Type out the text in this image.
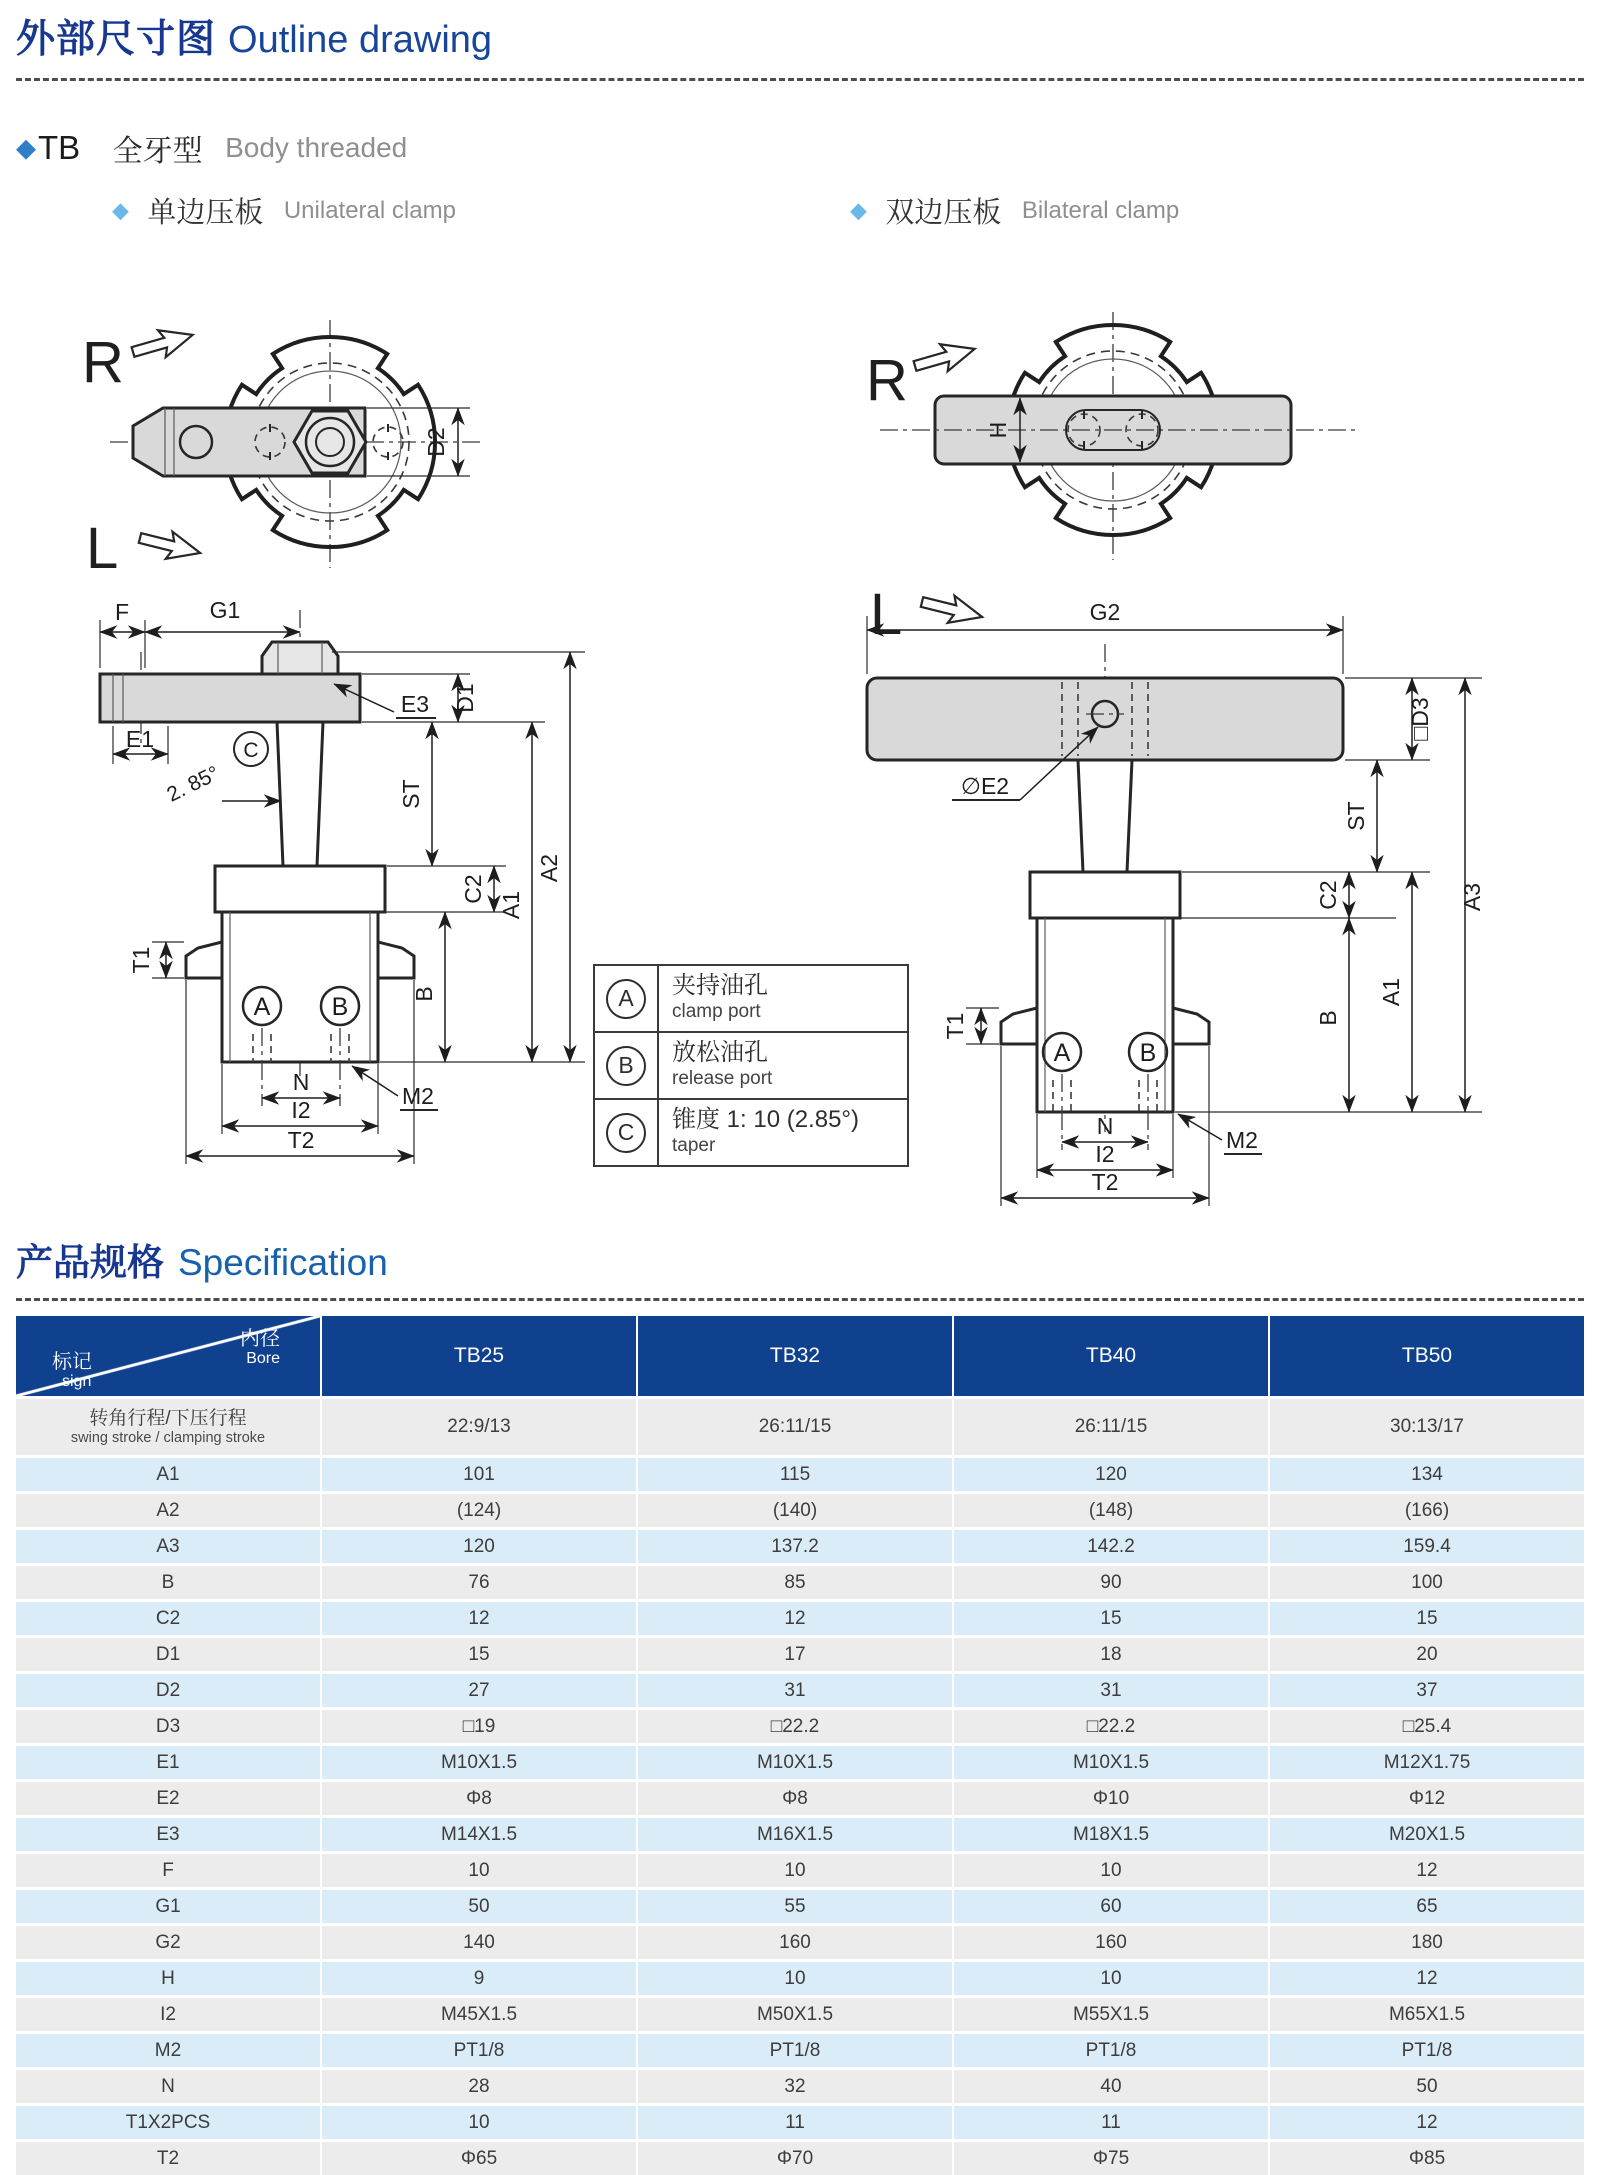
外部尺寸图 Outline drawing
◆TB 全牙型 Body threaded
◆ 单边压板 Unilateral clamp	◆ 双边压板 Bilateral clamp
D2
R
L
H
R
L
F	G1
E1
E3
C
2. 85°
T1
A B
ST
D1
C2
A1
A2
B
N
I2
T2
M2
G2
∅E2
T1
A	B
□D3
ST
C2
A1
A3
B
N
I2
T2
M2
A	夹持油孔
clamp port
B	放松油孔
release port
C	锥度 1: 10 (2.85°)
taper
产品规格 Specification
内径
Bore
标记
sign
TB25	TB32	TB40	TB50
转角行程/下压行程
swing stroke / clamping stroke
22:9/13	26:11/15	26:11/15	30:13/17
A1	101	115	120	134
A2	(124)	(140)	(148)	(166)
A3	120	137.2	142.2	159.4
B	76	85	90	100
C2	12	12	15	15
D1	15	17	18	20
D2	27	31	31	37
D3	□19	□22.2	□22.2	□25.4
E1	M10X1.5	M10X1.5	M10X1.5	M12X1.75
E2	Φ8	Φ8	Φ10	Φ12
E3	M14X1.5	M16X1.5	M18X1.5	M20X1.5
F	10	10	10	12
G1	50	55	60	65
G2	140	160	160	180
H	9	10	10	12
I2	M45X1.5	M50X1.5	M55X1.5	M65X1.5
M2	PT1/8	PT1/8	PT1/8	PT1/8
N	28	32	40	50
T1X2PCS	10	11	11	12
T2	Φ65	Φ70	Φ75	Φ85
